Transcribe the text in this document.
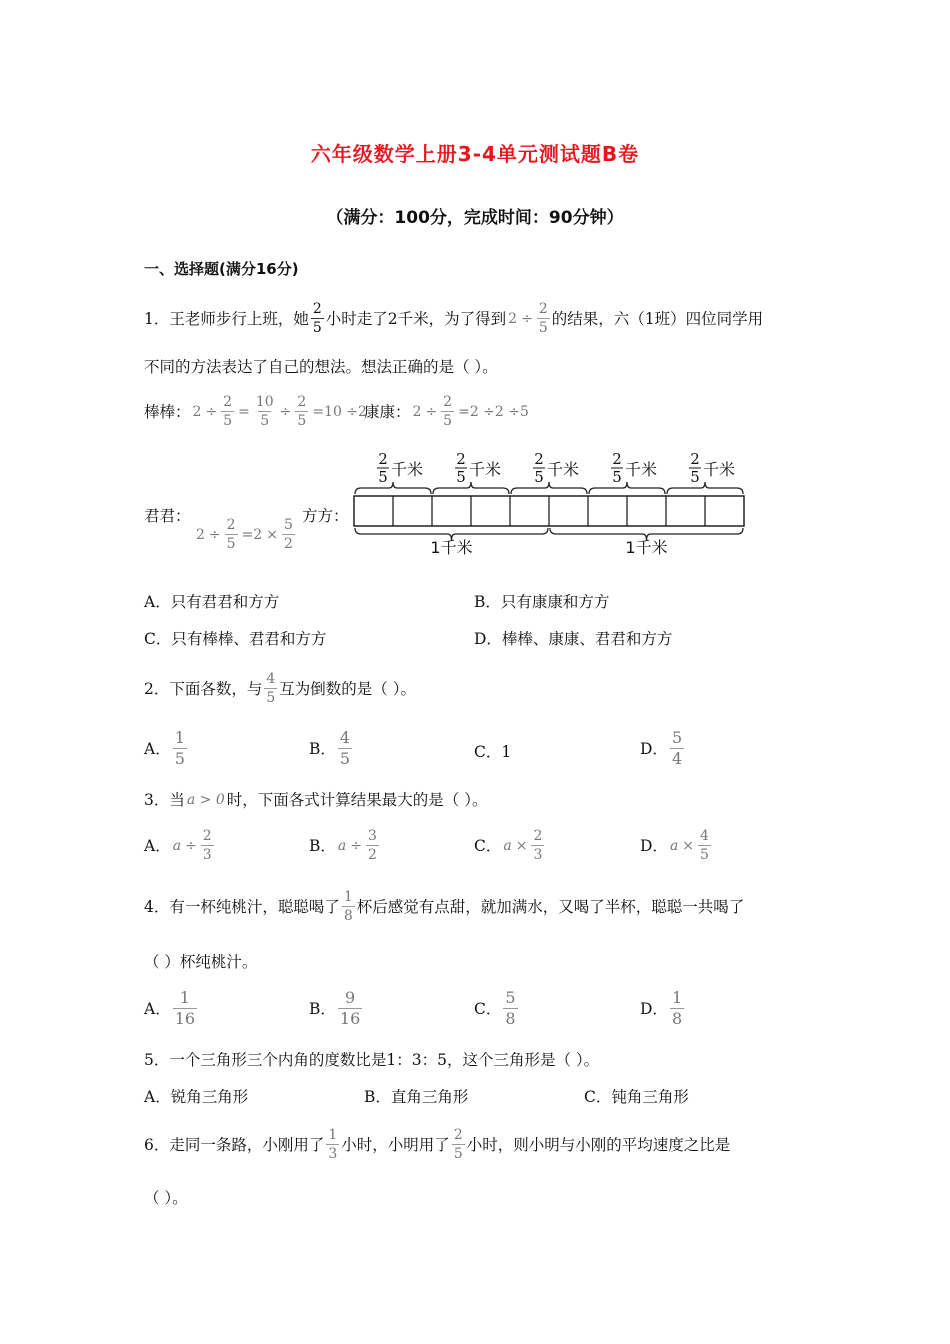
六年级数学上册3-4单元测试题B卷
（满分：100分，完成时间：90分钟）
一、选择题(满分16分)
1．王老师步行上班，她 $\frac{2}{5}$ 小时走了2千米，为了得到 $2 \div \frac{2}{5}$ 的结果，六（1班）四位同学用
不同的方法表达了自己的想法。想法正确的是（ ）。
棒棒： $2 \div \frac{2}{5} = \frac{10}{5} \div \frac{2}{5} =10 \div 2$
康康： $2 \div \frac{2}{5} =2 \div 2 \div 5$
君君：
$2 \div \frac{2}{5} =2 \times \frac{5}{2}$
方方：
2
5 千米
2
5 千米
2
5 千米
2
5 千米
2
5 千米
1千米	1千米
A．只有君君和方方	B．只有康康和方方
C．只有棒棒、君君和方方	D．棒棒、康康、君君和方方
2．下面各数，与 $\frac{4}{5}$ 互为倒数的是（ ）。
A． $\frac{1}{5}$	B． $\frac{4}{5}$	C．1	D． $\frac{5}{4}$
3．当 a > 0 时，下面各式计算结果最大的是（ ）。
A． $a \div \frac{2}{3}$	B． $a \div \frac{3}{2}$	C． $a \times \frac{2}{3}$	D． $a \times \frac{4}{5}$
4．有一杯纯桃汁，聪聪喝了 $\frac{1}{8}$ 杯后感觉有点甜，就加满水，又喝了半杯，聪聪一共喝了
（ ）杯纯桃汁。
A． $\frac{1}{16}$	B． $\frac{9}{16}$	C． $\frac{5}{8}$	D． $\frac{1}{8}$
5．一个三角形三个内角的度数比是1：3：5，这个三角形是（ ）。
A．锐角三角形	B．直角三角形	C．钝角三角形
6．走同一条路，小刚用了 $\frac{1}{3}$ 小时，小明用了 $\frac{2}{5}$ 小时，则小明与小刚的平均速度之比是
（ ）。
